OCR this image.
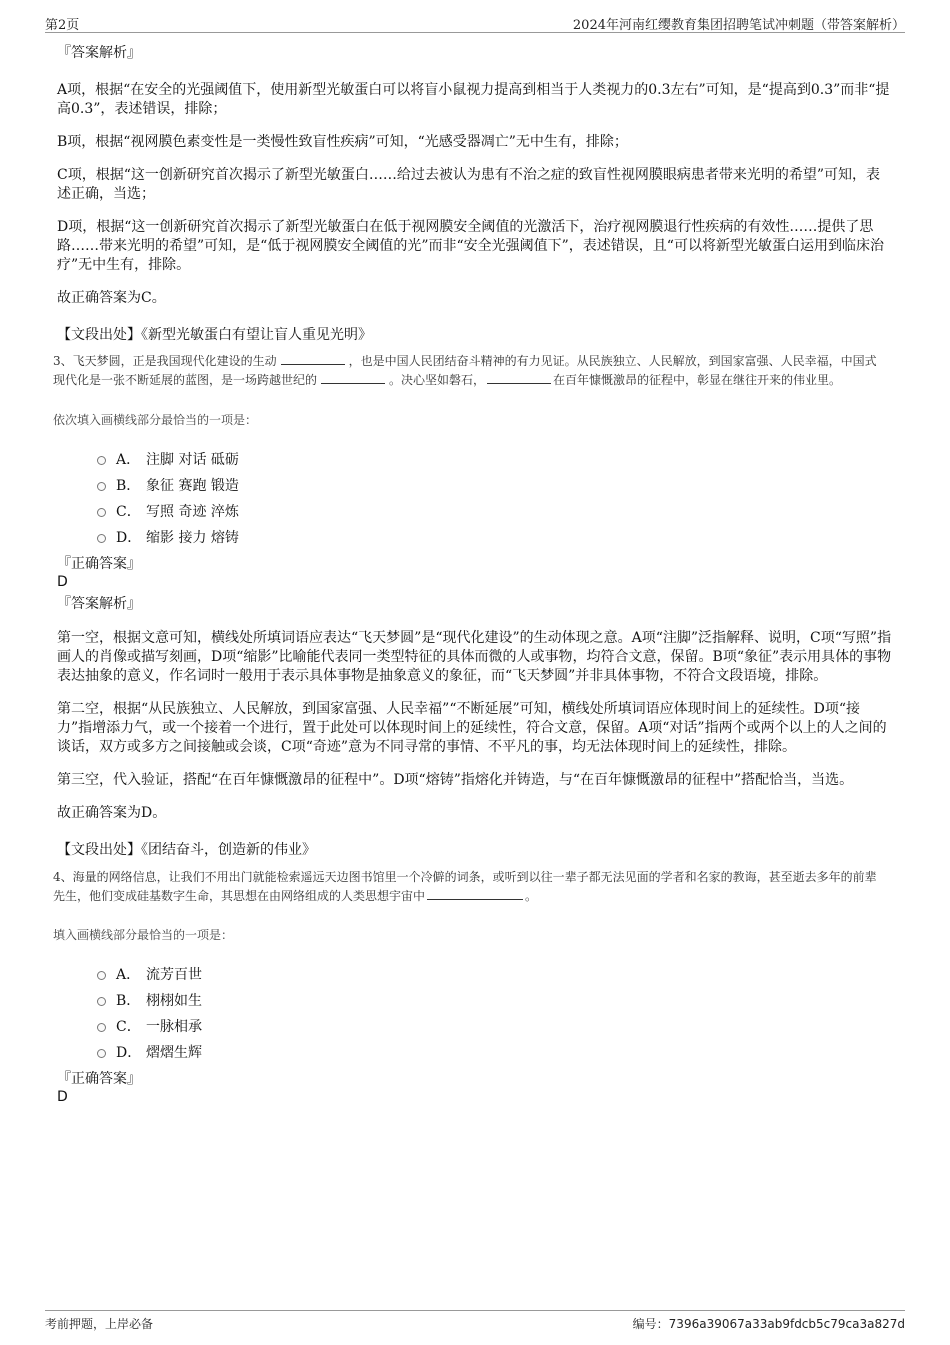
第2页	2024年河南红缨教育集团招聘笔试冲刺题（带答案解析）

『答案解析』

A项，根据“在安全的光强阈值下，使用新型光敏蛋白可以将盲小鼠视力提高到相当于人类视力的0.3左右”可知，是“提高到0.3”而非“提高0.3”，表述错误，排除；

B项，根据“视网膜色素变性是一类慢性致盲性疾病”可知，“光感受器凋亡”无中生有，排除；

C项，根据“这一创新研究首次揭示了新型光敏蛋白……给过去被认为患有不治之症的致盲性视网膜眼病患者带来光明的希望”可知，表述正确，当选；

D项，根据“这一创新研究首次揭示了新型光敏蛋白在低于视网膜安全阈值的光激活下，治疗视网膜退行性疾病的有效性……提供了思路……带来光明的希望”可知，是“低于视网膜安全阈值的光”而非“安全光强阈值下”，表述错误，且“可以将新型光敏蛋白运用到临床治疗”无中生有，排除。

故正确答案为C。

【文段出处】《新型光敏蛋白有望让盲人重见光明》

3、飞天梦圆，正是我国现代化建设的生动	，也是中国人民团结奋斗精神的有力见证。从民族独立、人民解放，到国家富强、人民幸福，中国式现代化是一张不断延展的蓝图，是一场跨越世纪的	。决心坚如磐石，	在百年慷慨激昂的征程中，彰显在继往开来的伟业里。

依次填入画横线部分最恰当的一项是：

A． 注脚 对话 砥砺
B． 象征 赛跑 锻造
C． 写照 奇迹 淬炼
D． 缩影 接力 熔铸

『正确答案』

D

『答案解析』

第一空，根据文意可知，横线处所填词语应表达“飞天梦圆”是“现代化建设”的生动体现之意。A项“注脚”泛指解释、说明，C项“写照”指画人的肖像或描写刻画，D项“缩影”比喻能代表同一类型特征的具体而微的人或事物，均符合文意，保留。B项“象征”表示用具体的事物表达抽象的意义，作名词时一般用于表示具体事物是抽象意义的象征，而“飞天梦圆”并非具体事物，不符合文段语境，排除。

第二空，根据“从民族独立、人民解放，到国家富强、人民幸福”“不断延展”可知，横线处所填词语应体现时间上的延续性。D项“接力”指增添力气，或一个接着一个进行，置于此处可以体现时间上的延续性，符合文意，保留。A项“对话”指两个或两个以上的人之间的谈话，双方或多方之间接触或会谈，C项“奇迹”意为不同寻常的事情、不平凡的事，均无法体现时间上的延续性，排除。

第三空，代入验证，搭配“在百年慷慨激昂的征程中”。D项“熔铸”指熔化并铸造，与“在百年慷慨激昂的征程中”搭配恰当，当选。

故正确答案为D。

【文段出处】《团结奋斗，创造新的伟业》

4、海量的网络信息，让我们不用出门就能检索遥远天边图书馆里一个冷僻的词条，或听到以往一辈子都无法见面的学者和名家的教诲，甚至逝去多年的前辈先生，他们变成硅基数字生命，其思想在由网络组成的人类思想宇宙中	。

填入画横线部分最恰当的一项是：

A． 流芳百世
B． 栩栩如生
C． 一脉相承
D． 熠熠生辉

『正确答案』

D

考前押题，上岸必备	编号：7396a39067a33ab9fdcb5c79ca3a827d
